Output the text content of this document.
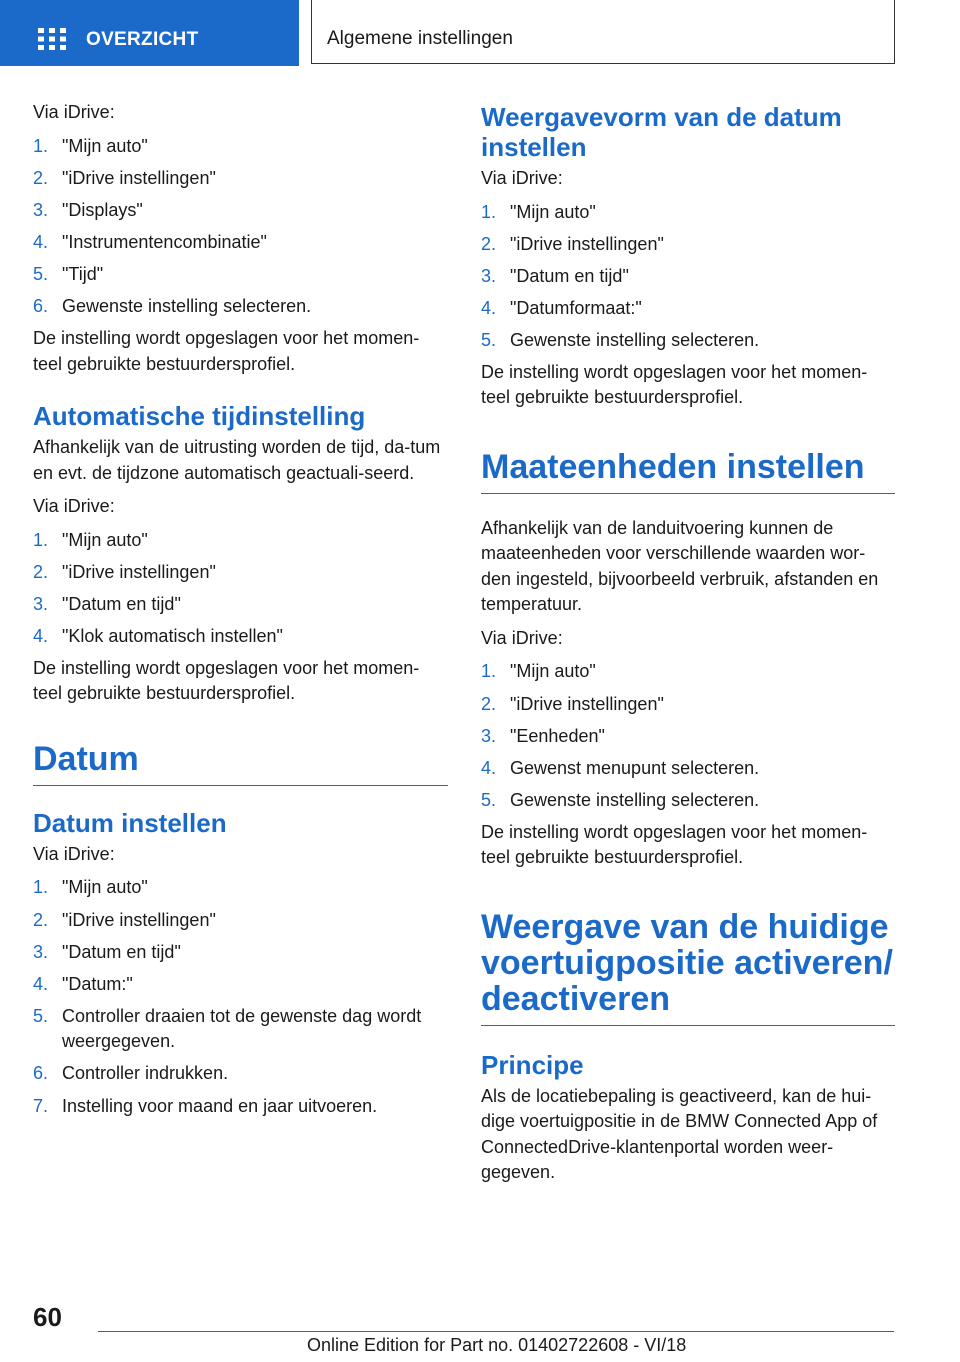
OVERZICHT	Algemene instellingen

Via iDrive:

1. "Mijn auto"
2. "iDrive instellingen"
3. "Displays"
4. "Instrumentencombinatie"
5. "Tijd"
6. Gewenste instelling selecteren.

De instelling wordt opgeslagen voor het momen-teel gebruikte bestuurdersprofiel.

Automatische tijdinstelling

Afhankelijk van de uitrusting worden de tijd, da-tum en evt. de tijdzone automatisch geactuali-seerd.

Via iDrive:

1. "Mijn auto"
2. "iDrive instellingen"
3. "Datum en tijd"
4. "Klok automatisch instellen"

De instelling wordt opgeslagen voor het momen-teel gebruikte bestuurdersprofiel.

Datum
Datum instellen

Via iDrive:

1. "Mijn auto"
2. "iDrive instellingen"
3. "Datum en tijd"
4. "Datum:"
5. Controller draaien tot de gewenste dag wordt weergegeven.
6. Controller indrukken.
7. Instelling voor maand en jaar uitvoeren.
Weergavevorm van de datum instellen

Via iDrive:

1. "Mijn auto"
2. "iDrive instellingen"
3. "Datum en tijd"
4. "Datumformaat:"
5. Gewenste instelling selecteren.

De instelling wordt opgeslagen voor het momen-teel gebruikte bestuurdersprofiel.

Maateenheden instellen

Afhankelijk van de landuitvoering kunnen de maateenheden voor verschillende waarden wor-den ingesteld, bijvoorbeeld verbruik, afstanden en temperatuur.

Via iDrive:

1. "Mijn auto"
2. "iDrive instellingen"
3. "Eenheden"
4. Gewenst menupunt selecteren.
5. Gewenste instelling selecteren.

De instelling wordt opgeslagen voor het momen-teel gebruikte bestuurdersprofiel.

Weergave van de huidige voertuigpositie activeren/ deactiveren
Principe

Als de locatiebepaling is geactiveerd, kan de hui-dige voertuigpositie in de BMW Connected App of ConnectedDrive-klantenportal worden weer-gegeven.

60
Online Edition for Part no. 01402722608 - VI/18
